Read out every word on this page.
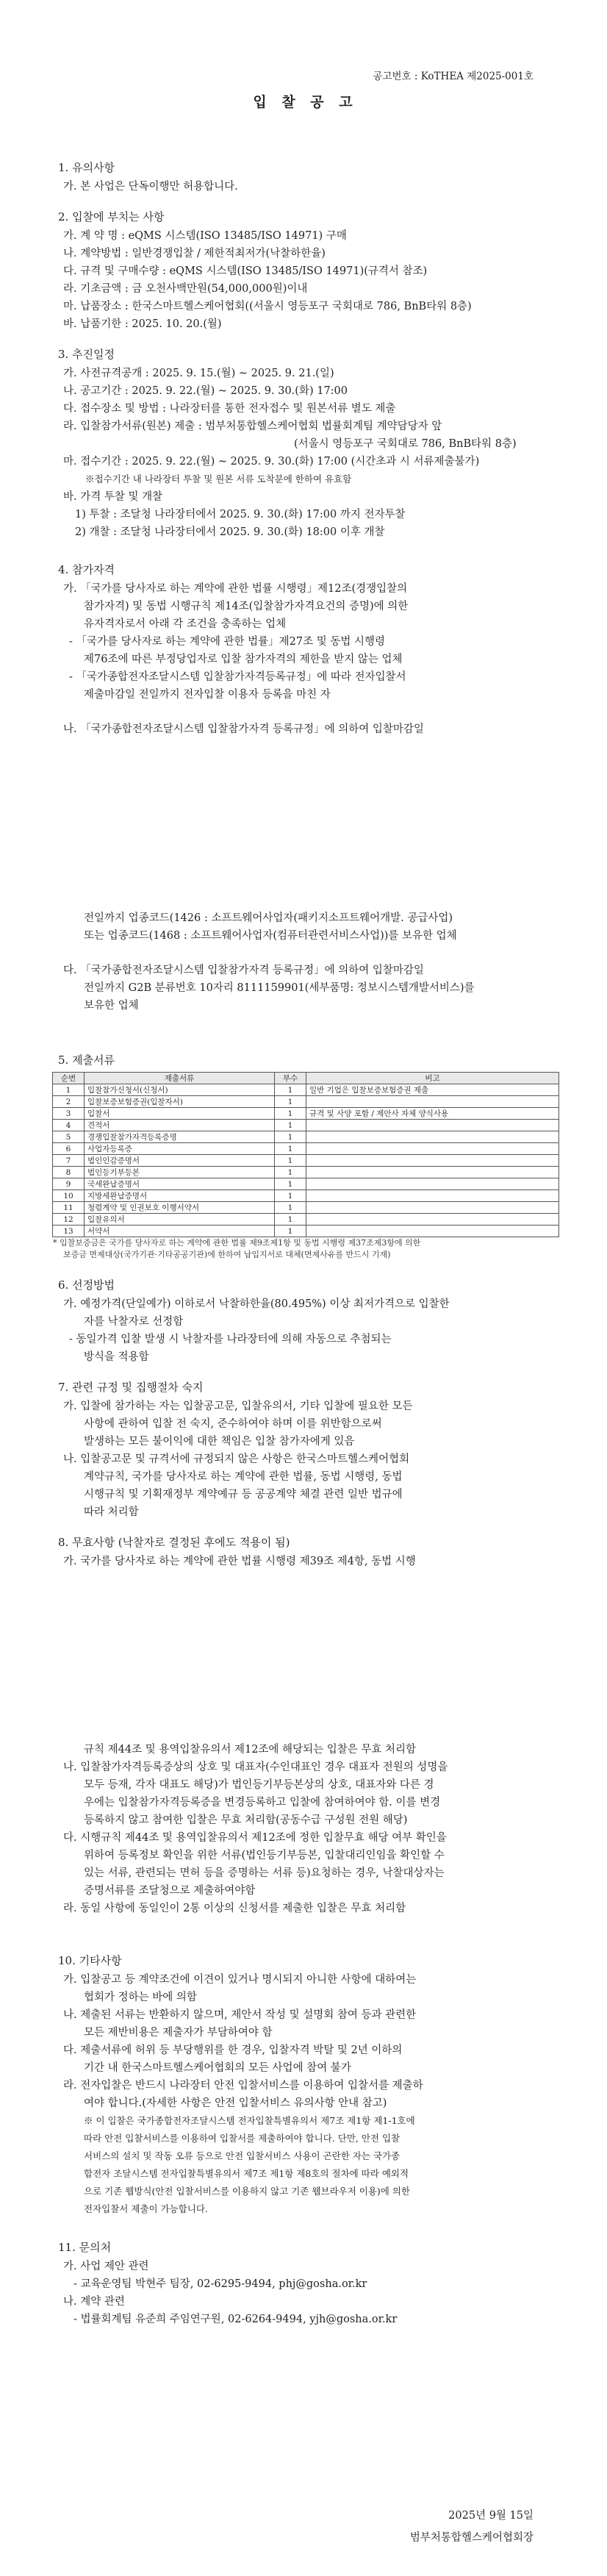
공고번호 : KoTHEA 제2025-001호
입 찰 공 고
1. 유의사항
가. 본 사업은 단독이행만 허용합니다.
2. 입찰에 부치는 사항
가. 계 약 명 : eQMS 시스템(ISO 13485/ISO 14971) 구매
나. 계약방법 : 일반경쟁입찰 / 제한적최저가(낙찰하한율)
다. 규격 및 구매수량 : eQMS 시스템(ISO 13485/ISO 14971)(규격서 참조)
라. 기초금액 : 금 오천사백만원(54,000,000원)이내
마. 납품장소 : 한국스마트헬스케어협회((서울시 영등포구 국회대로 786, BnB타워 8층)
바. 납품기한 : 2025. 10. 20.(월)
3. 추진일정
가. 사전규격공개 : 2025. 9. 15.(월) ~ 2025. 9. 21.(일)
나. 공고기간 : 2025. 9. 22.(월) ~ 2025. 9. 30.(화) 17:00
다. 접수장소 및 방법 : 나라장터를 통한 전자접수 및 원본서류 별도 제출
라. 입찰참가서류(원본) 제출 : 범부처통합헬스케어협회 법률회계팀 계약담당자 앞
(서울시 영등포구 국회대로 786, BnB타워 8층)
마. 접수기간 : 2025. 9. 22.(월) ~ 2025. 9. 30.(화) 17:00 (시간초과 시 서류제출불가)
※접수기간 내 나라장터 투찰 및 원본 서류 도착분에 한하여 유효함
바. 가격 투찰 및 개찰
1) 투찰 : 조달청 나라장터에서 2025. 9. 30.(화) 17:00 까지 전자투찰
2) 개찰 : 조달청 나라장터에서 2025. 9. 30.(화) 18:00 이후 개찰
4. 참가자격
가. 「국가를 당사자로 하는 계약에 관한 법률 시행령」제12조(경쟁입찰의
참가자격) 및 동법 시행규칙 제14조(입찰참가자격요건의 증명)에 의한
유자격자로서 아래 각 조건을 충족하는 업체
- 「국가를 당사자로 하는 계약에 관한 법률」제27조 및 동법 시행령
제76조에 따른 부정당업자로 입찰 참가자격의 제한을 받지 않는 업체
- 「국가종합전자조달시스템 입찰참가자격등록규정」에 따라 전자입찰서
제출마감일 전일까지 전자입찰 이용자 등록을 마친 자
나. 「국가종합전자조달시스템 입찰참가자격 등록규정」에 의하여 입찰마감일
전일까지 업종코드(1426 : 소프트웨어사업자(패키지소프트웨어개발. 공급사업)
또는 업종코드(1468 : 소프트웨어사업자(컴퓨터관련서비스사업))를 보유한 업체
다. 「국가종합전자조달시스템 입찰참가자격 등록규정」에 의하여 입찰마감일
전일까지 G2B 분류번호 10자리 8111159901(세부품명: 정보시스템개발서비스)를
보유한 업체
5. 제출서류
* 입찰보증금은 국가를 당사자로 하는 계약에 관한 법률 제9조제1항 및 동법 시행령 제37조제3항에 의한
보증금 면제대상(국가기관·기타공공기관)에 한하여 납입지서로 대체(면제사유를 반드시 기재)
6. 선정방법
가. 예정가격(단일예가) 이하로서 낙찰하한율(80.495%) 이상 최저가격으로 입찰한
자를 낙찰자로 선정함
- 동일가격 입찰 발생 시 낙찰자를 나라장터에 의해 자동으로 추첨되는
방식을 적용함
7. 관련 규정 및 집행절차 숙지
가. 입찰에 참가하는 자는 입찰공고문, 입찰유의서, 기타 입찰에 필요한 모든
사항에 관하여 입찰 전 숙지, 준수하여야 하며 이를 위반함으로써
발생하는 모든 불이익에 대한 책임은 입찰 참가자에게 있음
나. 입찰공고문 및 규격서에 규정되지 않은 사항은 한국스마트헬스케어협회
계약규칙, 국가를 당사자로 하는 계약에 관한 법률, 동법 시행령, 동법
시행규칙 및 기획재정부 계약예규 등 공공계약 체결 관련 일반 법규에
따라 처리함
8. 무효사항 (낙찰자로 결정된 후에도 적용이 됨)
가. 국가를 당사자로 하는 계약에 관한 법률 시행령 제39조 제4항, 동법 시행
규칙 제44조 및 용역입찰유의서 제12조에 해당되는 입찰은 무효 처리함
나. 입찰참가자격등록증상의 상호 및 대표자(수인대표인 경우 대표자 전원의 성명을
모두 등재, 각자 대표도 해당)가 법인등기부등본상의 상호, 대표자와 다른 경
우에는 입찰참가자격등록증을 변경등록하고 입찰에 참여하여야 함. 이를 변경
등록하지 않고 참여한 입찰은 무효 처리함(공동수급 구성원 전원 해당)
다. 시행규칙 제44조 및 용역입찰유의서 제12조에 정한 입찰무효 해당 여부 확인을
위하여 등록정보 확인을 위한 서류(법인등기부등본, 입찰대리인임을 확인할 수
있는 서류, 관련되는 면허 등을 증명하는 서류 등)요청하는 경우, 낙찰대상자는
증명서류를 조달청으로 제출하여야함
라. 동일 사항에 동일인이 2통 이상의 신청서를 제출한 입찰은 무효 처리함
10. 기타사항
가. 입찰공고 등 계약조건에 이견이 있거나 명시되지 아니한 사항에 대하여는
협회가 정하는 바에 의함
나. 제출된 서류는 반환하지 않으며, 제안서 작성 및 설명회 참여 등과 관련한
모든 제반비용은 제출자가 부담하여야 함
다. 제출서류에 허위 등 부당행위를 한 경우, 입찰자격 박탈 및 2년 이하의
기간 내 한국스마트헬스케어협회의 모든 사업에 참여 불가
라. 전자입찰은 반드시 나라장터 안전 입찰서비스를 이용하여 입찰서를 제출하
여야 합니다.(자세한 사항은 안전 입찰서비스 유의사항 안내 참고)
※ 이 입찰은 국가종합전자조달시스템 전자입찰특별유의서 제7조 제1항 제1-1호에
따라 안전 입찰서비스를 이용하여 입찰서를 제출하여야 합니다. 단만, 안전 입찰
서비스의 설치 및 작동 오류 등으로 안전 입찰서비스 사용이 곤란한 자는 국가종
합전자 조달시스템 전자입찰특별유의서 제7조 제1항 제8호의 절차에 따라 예외적
으로 기존 웹방식(안전 입찰서비스를 이용하지 않고 기존 웹브라우저 이용)에 의한
전자입찰서 제출이 가능합니다.
11. 문의처
가. 사업 제안 관련
- 교육운영팀 박현주 팀장, 02-6295-9494, phj@gosha.or.kr
나. 계약 관련
- 법률회계팀 유준희 주임연구원, 02-6264-9494, yjh@gosha.or.kr
순번	제출서류	부수	비고
1	입찰참가신청서(신청서)	1	일반 기업은 입찰보증보험증권 제출
2	입찰보증보험증권(입찰자서)	1	
3	입찰서	1	규격 및 사양 포함 / 제안사 자체 양식사용
4	견적서	1	
5	경쟁입찰참가자격등록증명	1	
6	사업자등록증	1	
7	법인인감증명서	1	
8	법인등기부등본	1	
9	국세완납증명서	1	
10	지방세완납증명서	1	
11	청렴계약 및 인권보호 이행서약서	1	
12	입찰유의서	1	
13	서약서	1	
2025년 9월 15일
범부처통합헬스케어협회장
